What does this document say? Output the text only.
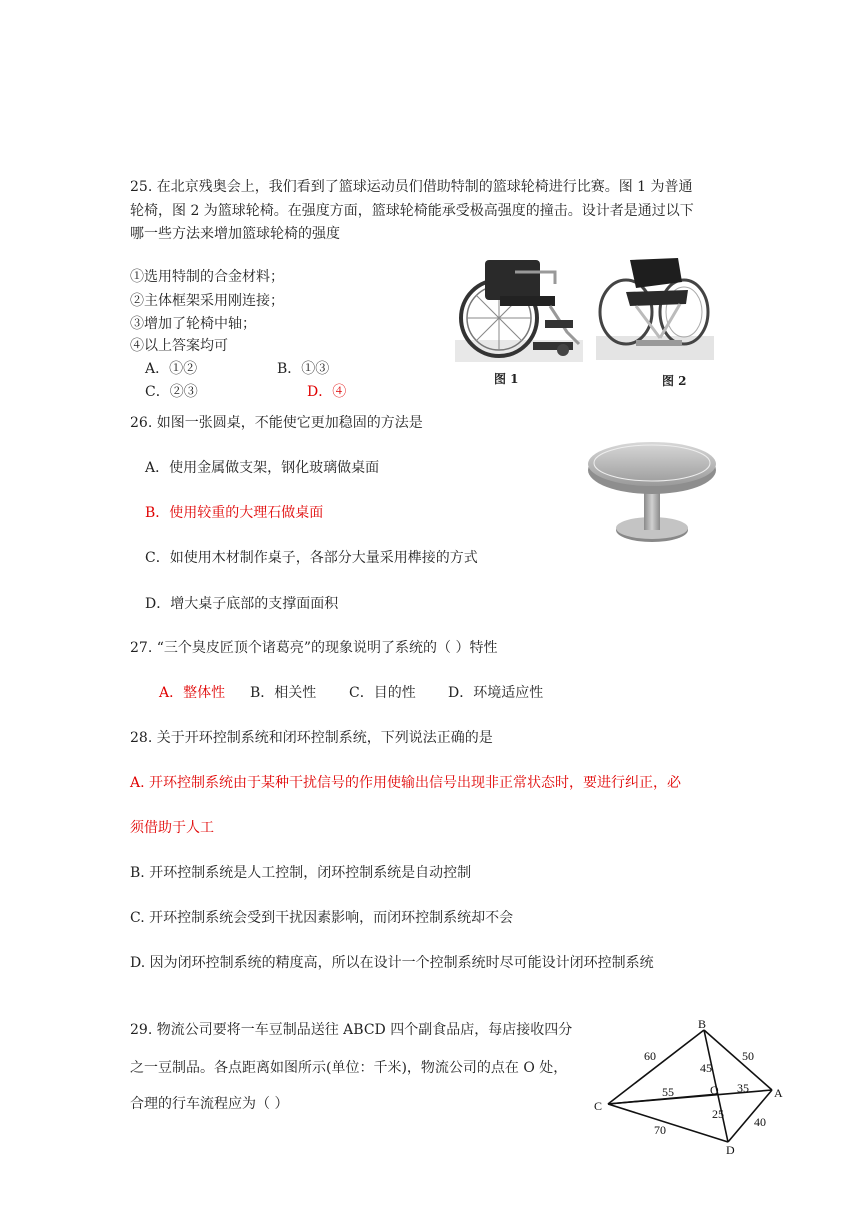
25. 在北京残奥会上，我们看到了篮球运动员们借助特制的篮球轮椅进行比赛。图 1 为普通
轮椅，图 2 为篮球轮椅。在强度方面，篮球轮椅能承受极高强度的撞击。设计者是通过以下
哪一些方法来增加篮球轮椅的强度
①选用特制的合金材料；
②主体框架采用刚连接；
③增加了轮椅中轴；
④以上答案均可
A．①②	B．①③
C．②③	D．④
图 1	图 2
26. 如图一张圆桌，不能使它更加稳固的方法是
A．使用金属做支架，钢化玻璃做桌面
B．使用较重的大理石做桌面
C．如使用木材制作桌子，各部分大量采用榫接的方式
D．增大桌子底部的支撑面面积
27. “三个臭皮匠顶个诸葛亮”的现象说明了系统的（ ）特性
A．整体性 B．相关性 C．目的性 D．环境适应性
28. 关于开环控制系统和闭环控制系统，下列说法正确的是
A. 开环控制系统由于某种干扰信号的作用使输出信号出现非正常状态时，要进行纠正，必
须借助于人工
B. 开环控制系统是人工控制，闭环控制系统是自动控制
C. 开环控制系统会受到干扰因素影响，而闭环控制系统却不会
D. 因为闭环控制系统的精度高，所以在设计一个控制系统时尽可能设计闭环控制系统
29. 物流公司要将一车豆制品送往 ABCD 四个副食品店，每店接收四分
之一豆制品。各点距离如图所示(单位：千米)，物流公司的点在 O 处，
合理的行车流程应为（ ）
B
A
C
D
O
60	50
45
55	35
25
70
40
